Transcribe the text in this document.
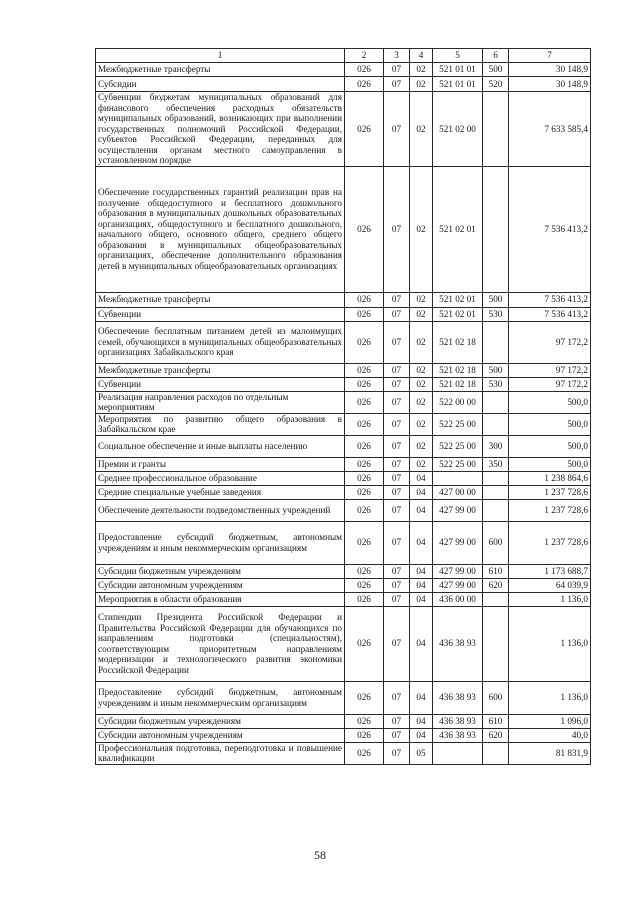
1	2	3	4	5	6	7
Межбюджетные трансферты	026	07	02	521 01 01	500	30 148,9
Субсидии	026	07	02	521 01 01	520	30 148,9
Субвенции бюджетам муниципальных образований для финансового обеспечения расходных обязательств муниципальных образований, возникающих при выполнении государственных полномочий Российской Федерации, субъектов Российской Федерации, переданных для осуществления органам местного самоуправления в установленном порядке	026	07	02	521 02 00		7 633 585,4
Обеспечение государственных гарантий реализации прав на получение общедоступного и бесплатного дошкольного образования в муниципальных дошкольных образовательных организациях, общедоступного и бесплатного дошкольного, начального общего, основного общего, среднего общего образования в муниципальных общеобразовательных организациях, обеспечение дополнительного образования детей в муниципальных общеобразовательных организациях	026	07	02	521 02 01		7 536 413,2
Межбюджетные трансферты	026	07	02	521 02 01	500	7 536 413,2
Субвенции	026	07	02	521 02 01	530	7 536 413,2
Обеспечение бесплатным питанием детей из малоимущих семей, обучающихся в муниципальных общеобразовательных организациях Забайкальского края	026	07	02	521 02 18		97 172,2
Межбюджетные трансферты	026	07	02	521 02 18	500	97 172,2
Субвенции	026	07	02	521 02 18	530	97 172,2
Реализация направления расходов по отдельным мероприятиям	026	07	02	522 00 00		500,0
Мероприятия по развитию общего образования в Забайкальском крае	026	07	02	522 25 00		500,0
Социальное обеспечение и иные выплаты населению	026	07	02	522 25 00	300	500,0
Премии и гранты	026	07	02	522 25 00	350	500,0
Среднее профессиональное образование	026	07	04			1 238 864,6
Средние специальные учебные заведения	026	07	04	427 00 00		1 237 728,6
Обеспечение деятельности подведомственных учреждений	026	07	04	427 99 00		1 237 728,6
Предоставление субсидий бюджетным, автономным учреждениям и иным некоммерческим организациям	026	07	04	427 99 00	600	1 237 728,6
Субсидии бюджетным учреждениям	026	07	04	427 99 00	610	1 173 688,7
Субсидии автономным учреждениям	026	07	04	427 99 00	620	64 039,9
Мероприятия в области образования	026	07	04	436 00 00		1 136,0
Стипендии Президента Российской Федерации и Правительства Российской Федерации для обучающихся по направлениям подготовки (специальностям), соответствующим приоритетным направлениям модернизации и технологического развития экономики Российской Федерации	026	07	04	436 38 93		1 136,0
Предоставление субсидий бюджетным, автономным учреждениям и иным некоммерческим организациям	026	07	04	436 38 93	600	1 136,0
Субсидии бюджетным учреждениям	026	07	04	436 38 93	610	1 096,0
Субсидии автономным учреждениям	026	07	04	436 38 93	620	40,0
Профессиональная подготовка, переподготовка и повышение квалификации	026	07	05			81 831,9
58
